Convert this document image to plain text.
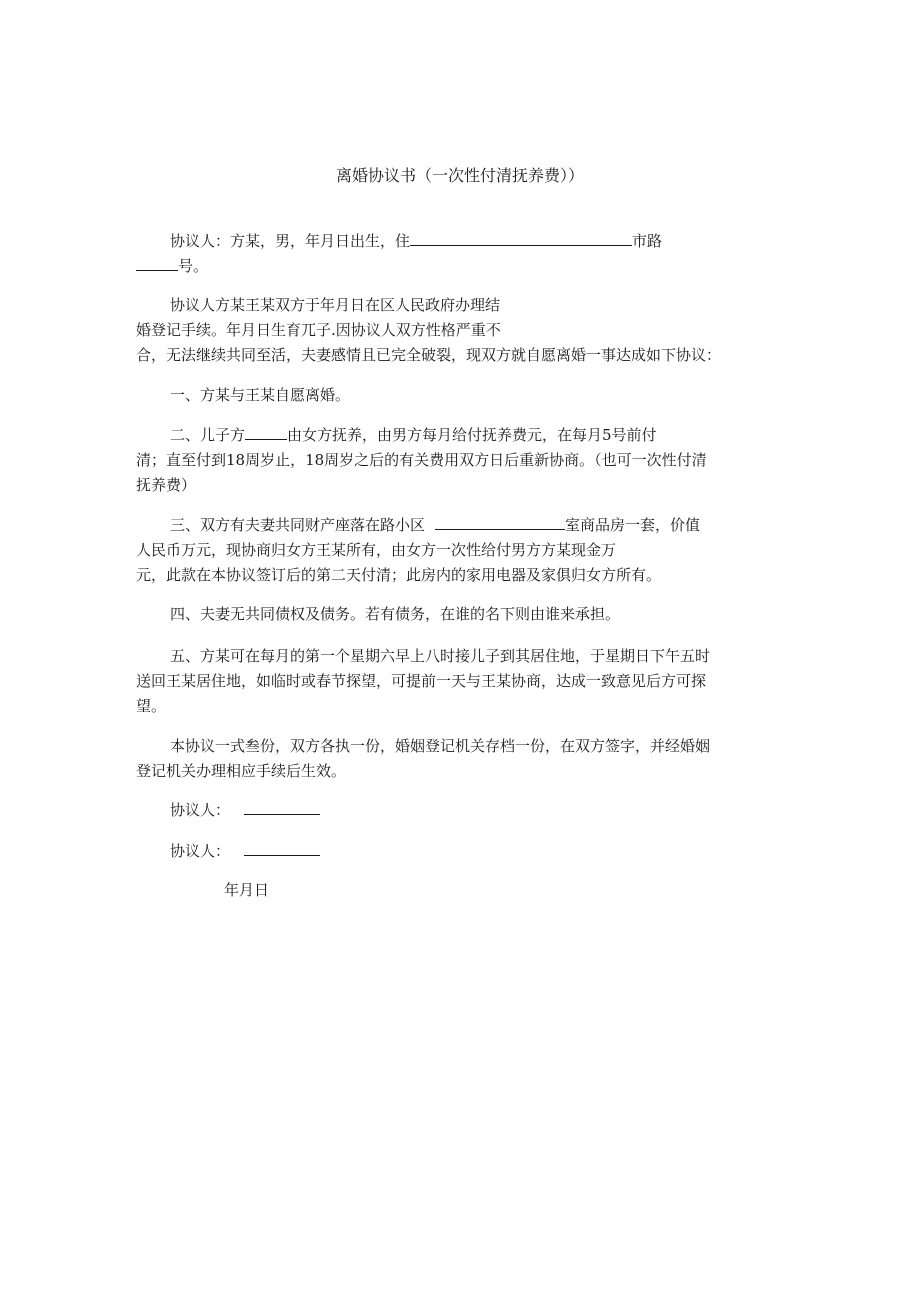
离婚协议书（一次性付清抚养费））
协议人：方某，男，年月日出生，住	市路
号。
协议人方某王某双方于年月日在区人民政府办理结
婚登记手续。年月日生育兀子.因协议人双方性格严重不
合，无法继续共同至活，夫妻感情且已完全破裂，现双方就自愿离婚一事达成如下协议：
一、方某与王某自愿离婚。
二、儿子方	由女方抚养，由男方每月给付抚养费元，在每月5号前付
清；直至付到18周岁止，18周岁之后的有关费用双方日后重新协商。（也可一次性付清
抚养费）
三、双方有夫妻共同财产座落在路小区	室商品房一套，价值
人民币万元，现协商归女方王某所有，由女方一次性给付男方方某现金万
元，此款在本协议签订后的第二天付清；此房内的家用电器及家俱归女方所有。
四、夫妻无共同债权及债务。若有债务，在谁的名下则由谁来承担。
五、方某可在每月的第一个星期六早上八时接儿子到其居住地，于星期日下午五时
送回王某居住地，如临时或春节探望，可提前一天与王某协商，达成一致意见后方可探
望。
本协议一式叁份，双方各执一份，婚姻登记机关存档一份，在双方签字，并经婚姻
登记机关办理相应手续后生效。
协议人：
协议人：
年月日
